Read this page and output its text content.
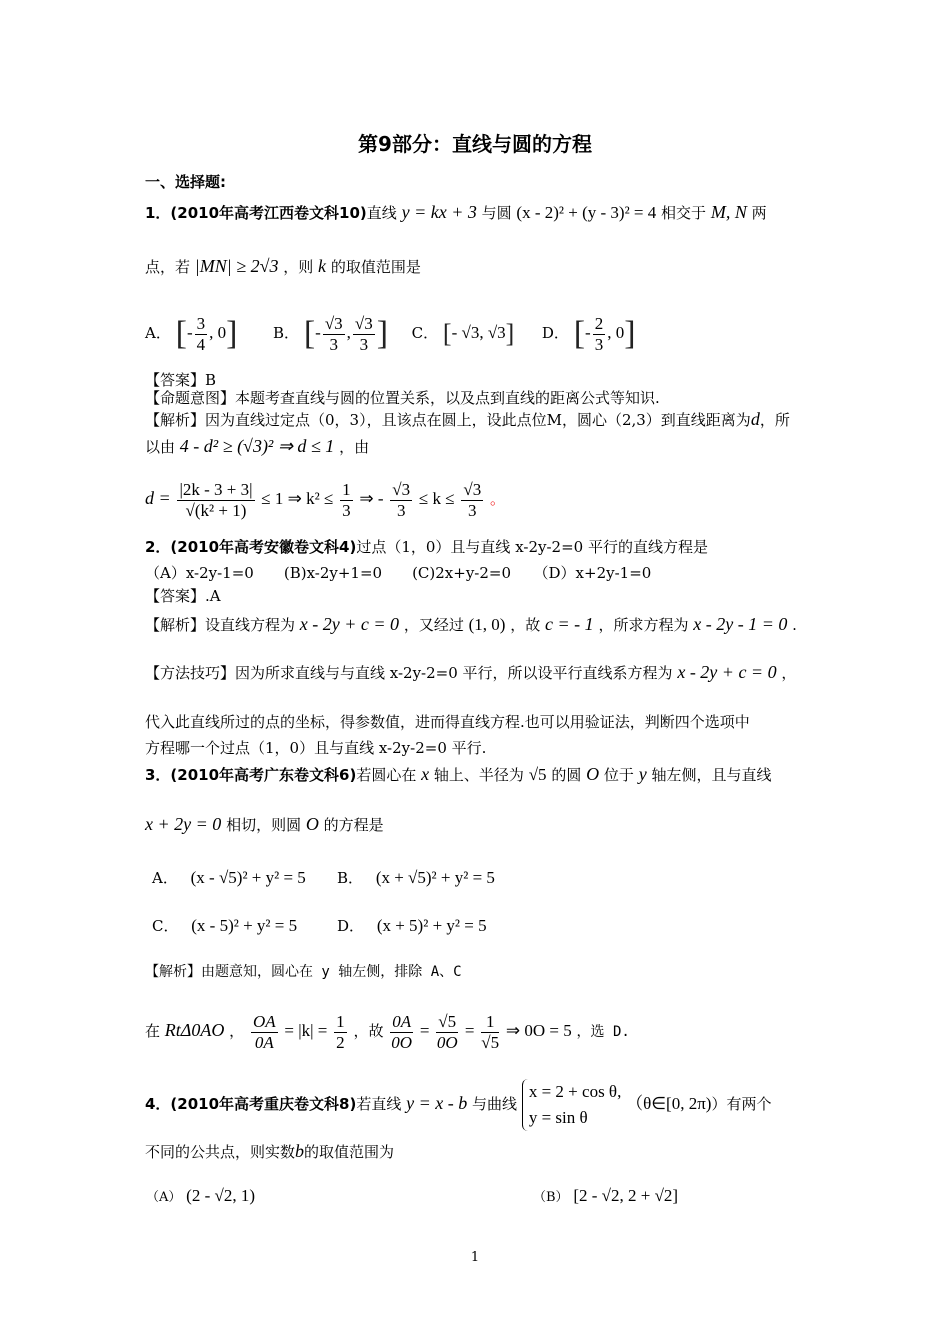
第9部分：直线与圆的方程
一、选择题:
1．(2010年高考江西卷文科10)直线 y = kx + 3 与圆 (x - 2)² + (y - 3)² = 4 相交于 M, N 两
点，若 |MN| ≥ 2√3 ，则 k 的取值范围是
A． [- $\frac{3}{4}$ , 0] B． [- $\frac{√3}{3}$ , $\frac{√3}{3}$ ] C． [- √3, √3] D． [- $\frac{2}{3}$ , 0]
【答案】B
【命题意图】本题考查直线与圆的位置关系，以及点到直线的距离公式等知识.
【解析】因为直线过定点（0，3），且该点在圆上，设此点位M，圆心（2,3）到直线距离为d，所
以由 4 - d² ≥ (√3)² ⇒ d ≤ 1 ，由
$d = \frac{|2k - 3 + 3|}{\text{√(k² + 1)}} \le 1$ ⇒ $k^2 \le \frac{1}{3}$ ⇒ - $\frac{√3}{3} \le k \le \frac{√3}{3}$ 。
2．(2010年高考安徽卷文科4)过点（1，0）且与直线 x-2y-2=0 平行的直线方程是
（A）x-2y-1=0　　(B)x-2y+1=0　　(C)2x+y-2=0　　（D）x+2y-1=0
【答案】.A
【解析】设直线方程为 x - 2y + c = 0 ，又经过 (1, 0) ，故 c = - 1 ，所求方程为 x - 2y - 1 = 0 .
【方法技巧】因为所求直线与与直线 x-2y-2=0 平行，所以设平行直线系方程为 x - 2y + c = 0 ，
代入此直线所过的点的坐标，得参数值，进而得直线方程.也可以用验证法，判断四个选项中
方程哪一个过点（1，0）且与直线 x-2y-2=0 平行.
3．(2010年高考广东卷文科6)若圆心在 x 轴上、半径为 √5 的圆 O 位于 y 轴左侧，且与直线
x + 2y = 0 相切，则圆 O 的方程是
A． (x - √5)² + y² = 5 B． (x + √5)² + y² = 5
C． (x - 5)² + y² = 5	D． (x + 5)² + y² = 5
【解析】由题意知，圆心在 y 轴左侧，排除 A、C
在 RtΔ0AO ， $\frac{OA}{0A} = |k| = \frac{1}{2}$ ，故 $\frac{0A}{0O} = \frac{√5}{0O} = \frac{1}{√5}$ ⇒ 0O = 5 ，选 D.
4．(2010年高考重庆卷文科8)若直线 y = x - b 与曲线
x = 2 + cos θ,
y = sin θ
（θ∈[0, 2π)）有两个
不同的公共点，则实数b的取值范围为
（A） (2 - √2, 1)	（B） [2 - √2, 2 + √2]
1
